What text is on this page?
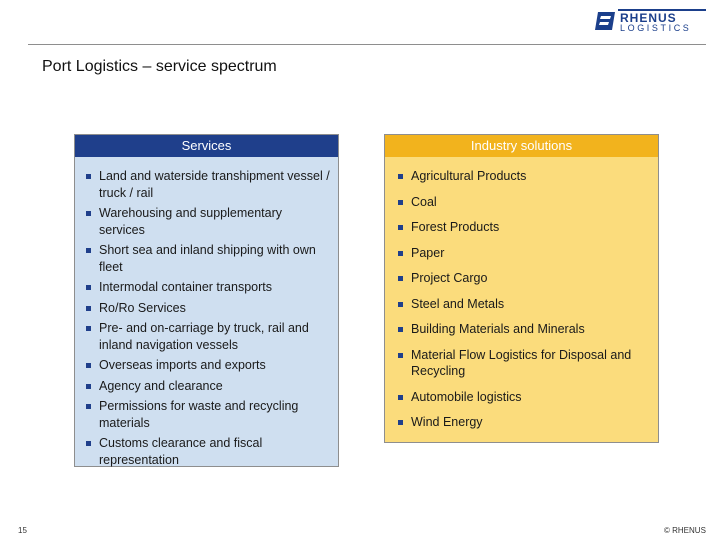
RHENUS
LOGISTICS
Port Logistics – service spectrum
Services
Land and waterside transhipment vessel / truck / rail
Warehousing and supplementary services
Short sea and inland shipping with own fleet
Intermodal container transports
Ro/Ro Services
Pre- and on-carriage by truck, rail and inland navigation vessels
Overseas imports and exports
Agency and clearance
Permissions for waste and recycling materials
Customs clearance and fiscal representation
Industry solutions
Agricultural Products
Coal
Forest Products
Paper
Project Cargo
Steel and Metals
Building Materials and Minerals
Material Flow Logistics for Disposal and Recycling
Automobile logistics
Wind Energy
15	© RHENUS
